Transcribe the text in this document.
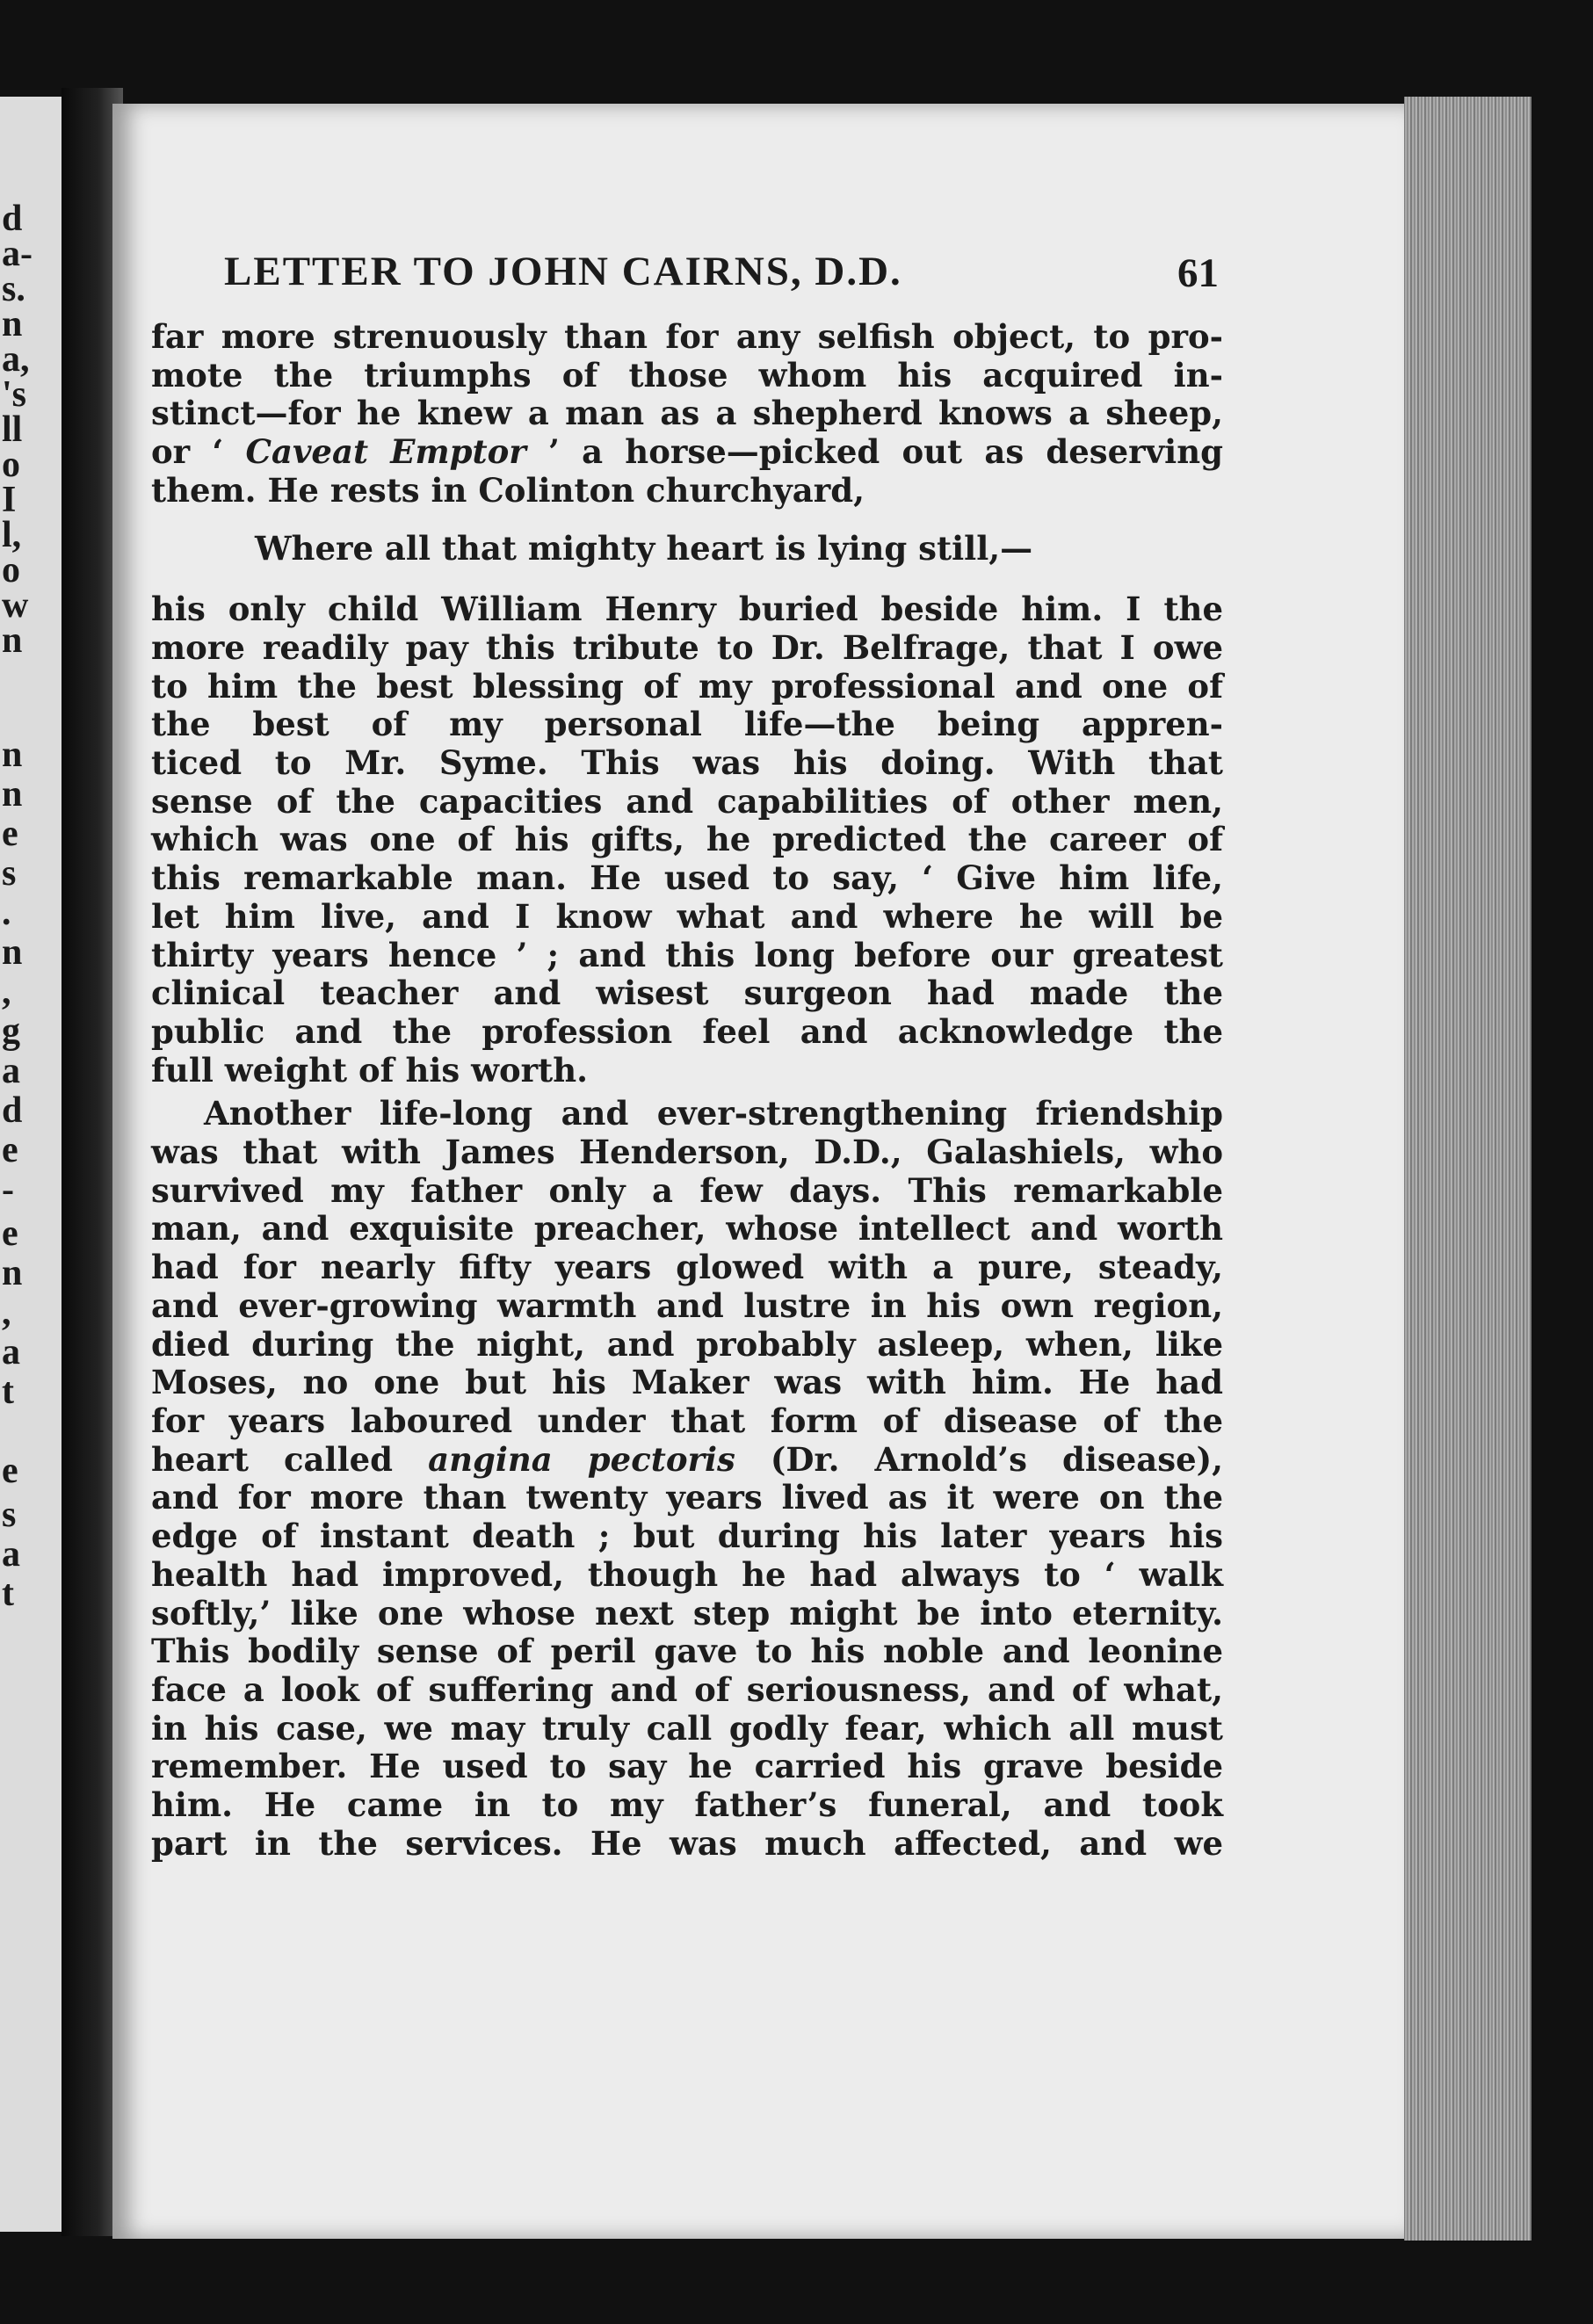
d
a-
s.
n
a,
's
ll
o
I
l,
o
w
n
n
n
e
s
.
n
,
g
a
d
e
-
e
n
,
a
t
e
s
a
t
LETTER TO JOHN CAIRNS, D.D.	61
far more strenuously than for any selfish object, to pro-
mote the triumphs of those whom his acquired in-
stinct—for he knew a man as a shepherd knows a sheep,
or ‘ Caveat Emptor ’ a horse—picked out as deserving
them. He rests in Colinton churchyard,
Where all that mighty heart is lying still,—
his only child William Henry buried beside him. I the
more readily pay this tribute to Dr. Belfrage, that I owe
to him the best blessing of my professional and one of
the best of my personal life—the being appren-
ticed to Mr. Syme. This was his doing. With that
sense of the capacities and capabilities of other men,
which was one of his gifts, he predicted the career of
this remarkable man. He used to say, ‘ Give him life,
let him live, and I know what and where he will be
thirty years hence ’ ; and this long before our greatest
clinical teacher and wisest surgeon had made the
public and the profession feel and acknowledge the
full weight of his worth.
Another life-long and ever-strengthening friendship
was that with James Henderson, D.D., Galashiels, who
survived my father only a few days. This remarkable
man, and exquisite preacher, whose intellect and worth
had for nearly fifty years glowed with a pure, steady,
and ever-growing warmth and lustre in his own region,
died during the night, and probably asleep, when, like
Moses, no one but his Maker was with him. He had
for years laboured under that form of disease of the
heart called angina pectoris (Dr. Arnold’s disease),
and for more than twenty years lived as it were on the
edge of instant death ; but during his later years his
health had improved, though he had always to ‘ walk
softly,’ like one whose next step might be into eternity.
This bodily sense of peril gave to his noble and leonine
face a look of suffering and of seriousness, and of what,
in his case, we may truly call godly fear, which all must
remember. He used to say he carried his grave beside
him. He came in to my father’s funeral, and took
part in the services. He was much affected, and we
